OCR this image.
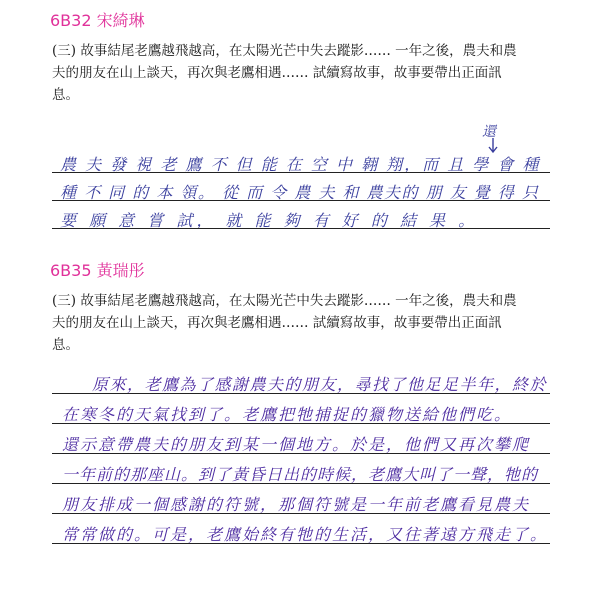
6B32 宋綺琳
(三) 故事結尾老鷹越飛越高，在太陽光芒中失去蹤影…… 一年之後，農夫和農
夫的朋友在山上談天，再次與老鷹相遇…… 試續寫故事，故事要帶出正面訊
息。
還
農 夫 發 視 老 鷹 不 但 能 在 空 中 翱 翔，而 且 學 會 種
種 不 同 的 本 領。 從 而 令 農 夫 和 農夫的 朋 友 覺 得 只
要 願 意 嘗 試， 就 能 夠 有 好 的 結 果 。
6B35 黃瑞彤
(三) 故事結尾老鷹越飛越高，在太陽光芒中失去蹤影…… 一年之後，農夫和農
夫的朋友在山上談天，再次與老鷹相遇…… 試續寫故事，故事要帶出正面訊
息。
原來，老鷹為了感謝農夫的朋友，尋找了他足足半年，終於
在寒冬的天氣找到了。老鷹把牠捕捉的獵物送給他們吃。
還示意帶農夫的朋友到某一個地方。於是，他們又再次攀爬
一年前的那座山。到了黃昏日出的時候，老鷹大叫了一聲，牠的
朋友排成一個感謝的符號，那個符號是一年前老鷹看見農夫
常常做的。可是，老鷹始終有牠的生活，又往著遠方飛走了。
